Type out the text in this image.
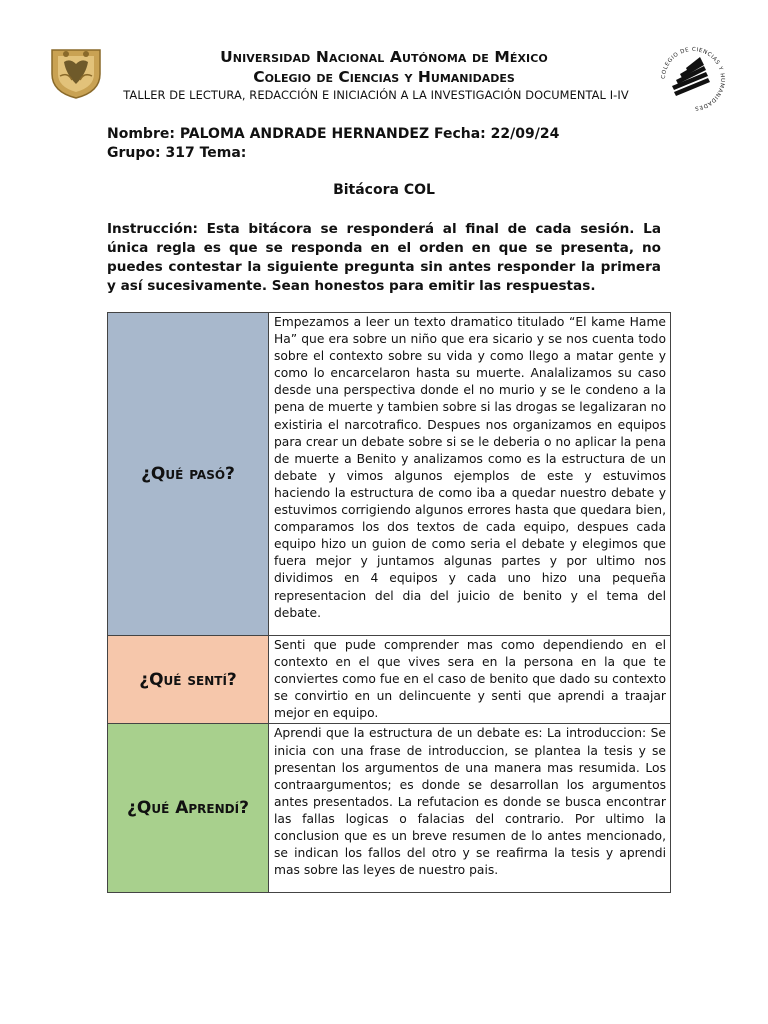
COLEGIO DE CIENCIAS Y HUMANIDADES
Universidad Nacional Autónoma de México
Colegio de Ciencias y Humanidades
TALLER DE LECTURA, REDACCIÓN E INICIACIÓN A LA INVESTIGACIÓN DOCUMENTAL I-IV
Nombre: PALOMA ANDRADE HERNANDEZ Fecha: 22/09/24
Grupo: 317 Tema:
Bitácora COL
Instrucción: Esta bitácora se responderá al final de cada sesión. La única regla es que se responda en el orden en que se presenta, no puedes contestar la siguiente pregunta sin antes responder la primera y así sucesivamente. Sean honestos para emitir las respuestas.
¿Qué pasó?	Empezamos a leer un texto dramatico titulado “El kame Hame Ha” que era sobre un niño que era sicario y se nos cuenta todo sobre el contexto sobre su vida y como llego a matar gente y como lo encarcelaron hasta su muerte. Analalizamos su caso desde una perspectiva donde el no murio y se le condeno a la pena de muerte y tambien sobre si las drogas se legalizaran no existiria el narcotrafico. Despues nos organizamos en equipos para crear un debate sobre si se le deberia o no aplicar la pena de muerte a Benito y analizamos como es la estructura de un debate y vimos algunos ejemplos de este y estuvimos haciendo la estructura de como iba a quedar nuestro debate y estuvimos corrigiendo algunos errores hasta que quedara bien, comparamos los dos textos de cada equipo, despues cada equipo hizo un guion de como seria el debate y elegimos que fuera mejor y juntamos algunas partes y por ultimo nos dividimos en 4 equipos y cada uno hizo una pequeña representacion del dia del juicio de benito y el tema del debate.
¿Qué sentí?	Senti que pude comprender mas como dependiendo en el contexto en el que vives sera en la persona en la que te conviertes como fue en el caso de benito que dado su contexto se convirtio en un delincuente y senti que aprendi a traajar mejor en equipo.
¿Qué Aprendí?	Aprendi que la estructura de un debate es: La introduccion: Se inicia con una frase de introduccion, se plantea la tesis y se presentan los argumentos de una manera mas resumida. Los contraargumentos; es donde se desarrollan los argumentos antes presentados. La refutacion es donde se busca encontrar las fallas logicas o falacias del contrario. Por ultimo la conclusion que es un breve resumen de lo antes mencionado, se indican los fallos del otro y se reafirma la tesis y aprendi mas sobre las leyes de nuestro pais.
